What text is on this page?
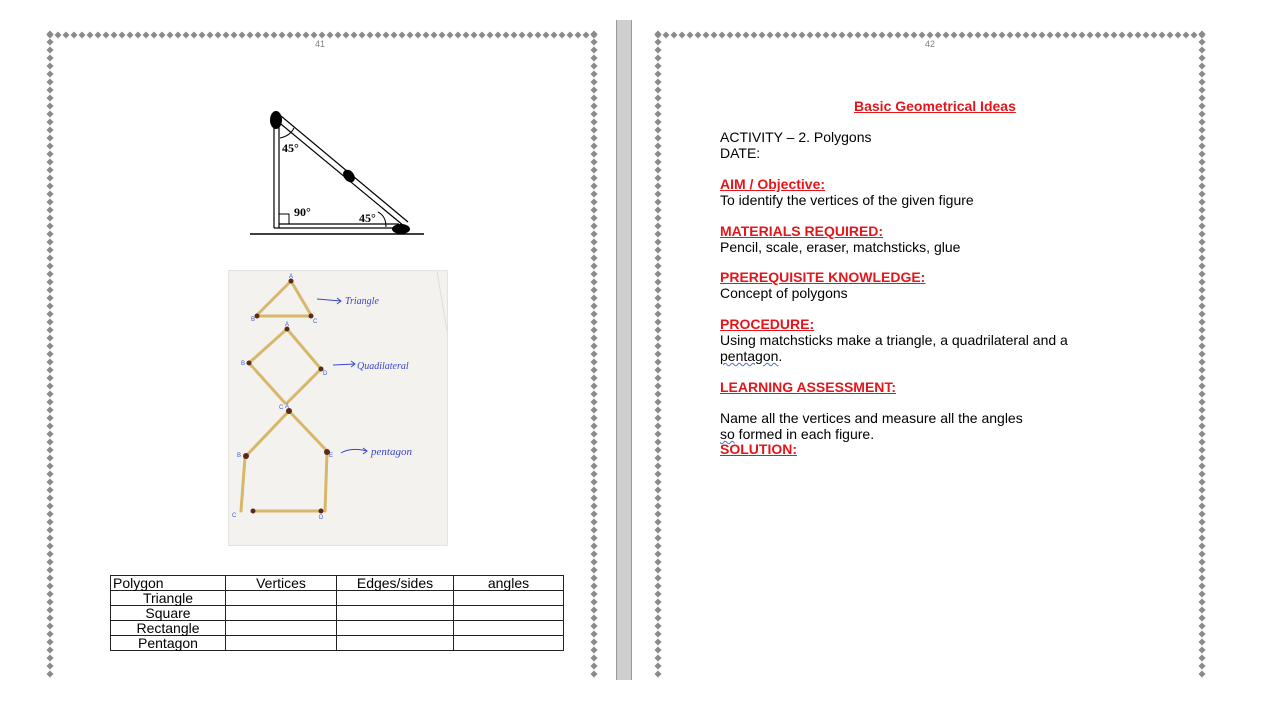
41
45°
90°	45°
A
B	C
A
B
D
C A
B	E
C	D
Triangle
Quadilateral
pentagon
Polygon	Vertices	Edges/sides	angles
Triangle			
Square			
Rectangle			
Pentagon			
42
Basic Geometrical Ideas
ACTIVITY – 2. Polygons
DATE:
AIM / Objective:
To identify the vertices of the given figure
MATERIALS REQUIRED:
Pencil, scale, eraser, matchsticks, glue
PREREQUISITE KNOWLEDGE:
Concept of polygons
PROCEDURE:
Using matchsticks make a triangle, a quadrilateral and a
pentagon.
LEARNING ASSESSMENT:
Name all the vertices and measure all the angles
so formed in each figure.
SOLUTION:
